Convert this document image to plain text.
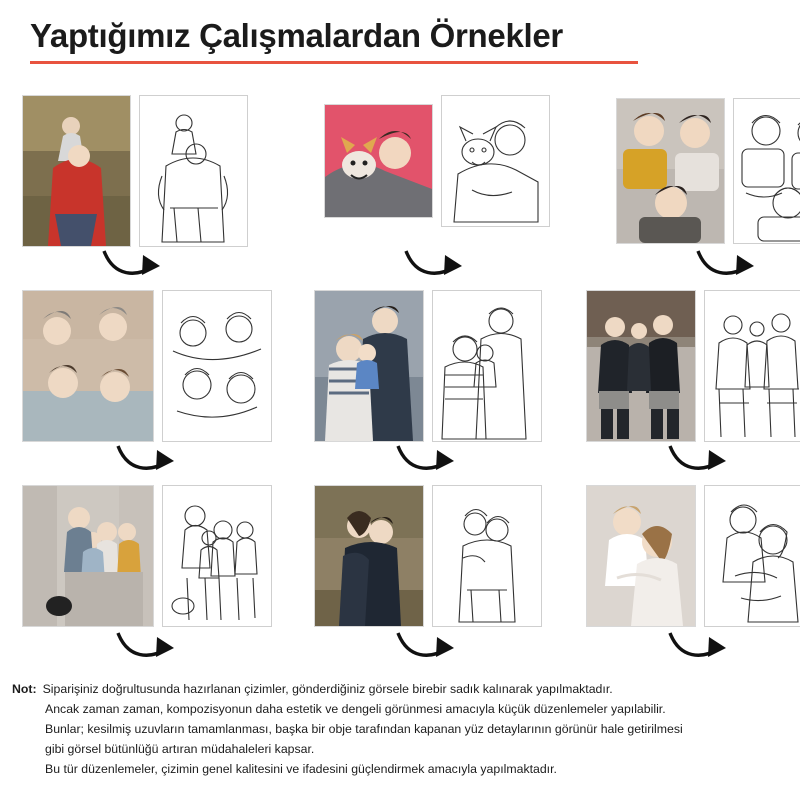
Yaptığımız Çalışmalardan Örnekler
Not: Siparişiniz doğrultusunda hazırlanan çizimler, gönderdiğiniz görsele birebir sadık kalınarak yapılmaktadır.

Ancak zaman zaman, kompozisyonun daha estetik ve dengeli görünmesi amacıyla küçük düzenlemeler yapılabilir.

Bunlar; kesilmiş uzuvların tamamlanması, başka bir obje tarafından kapanan yüz detaylarının görünür hale getirilmesi

gibi görsel bütünlüğü artıran müdahaleleri kapsar.

Bu tür düzenlemeler, çizimin genel kalitesini ve ifadesini güçlendirmek amacıyla yapılmaktadır.
